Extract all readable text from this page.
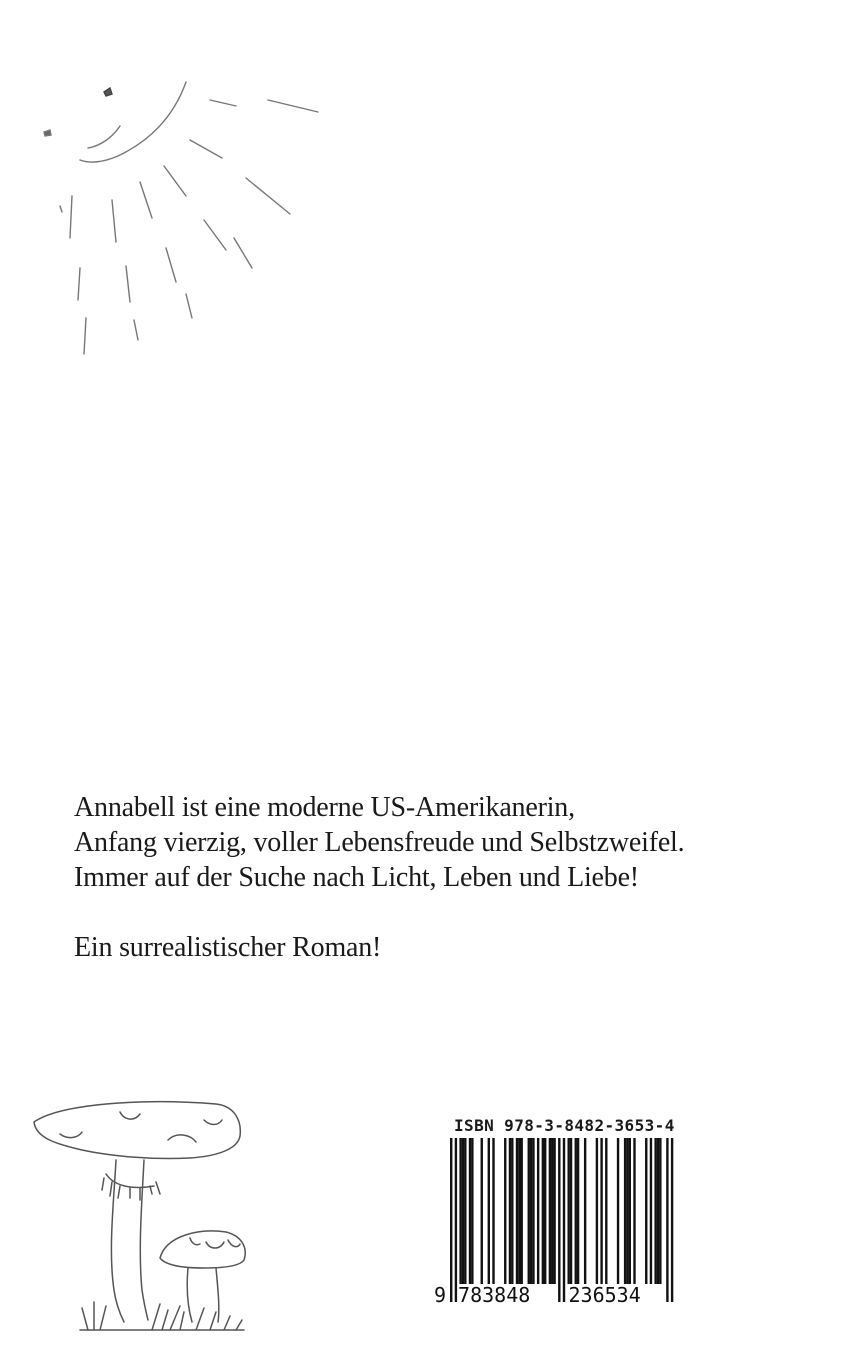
Annabell ist eine moderne US-Amerikanerin,

Anfang vierzig, voller Lebensfreude und Selbstzweifel.

Immer auf der Suche nach Licht, Leben und Liebe!

Ein surrealistischer Roman!

ISBN 978-3-8482-3653-4
9 783848 236534
